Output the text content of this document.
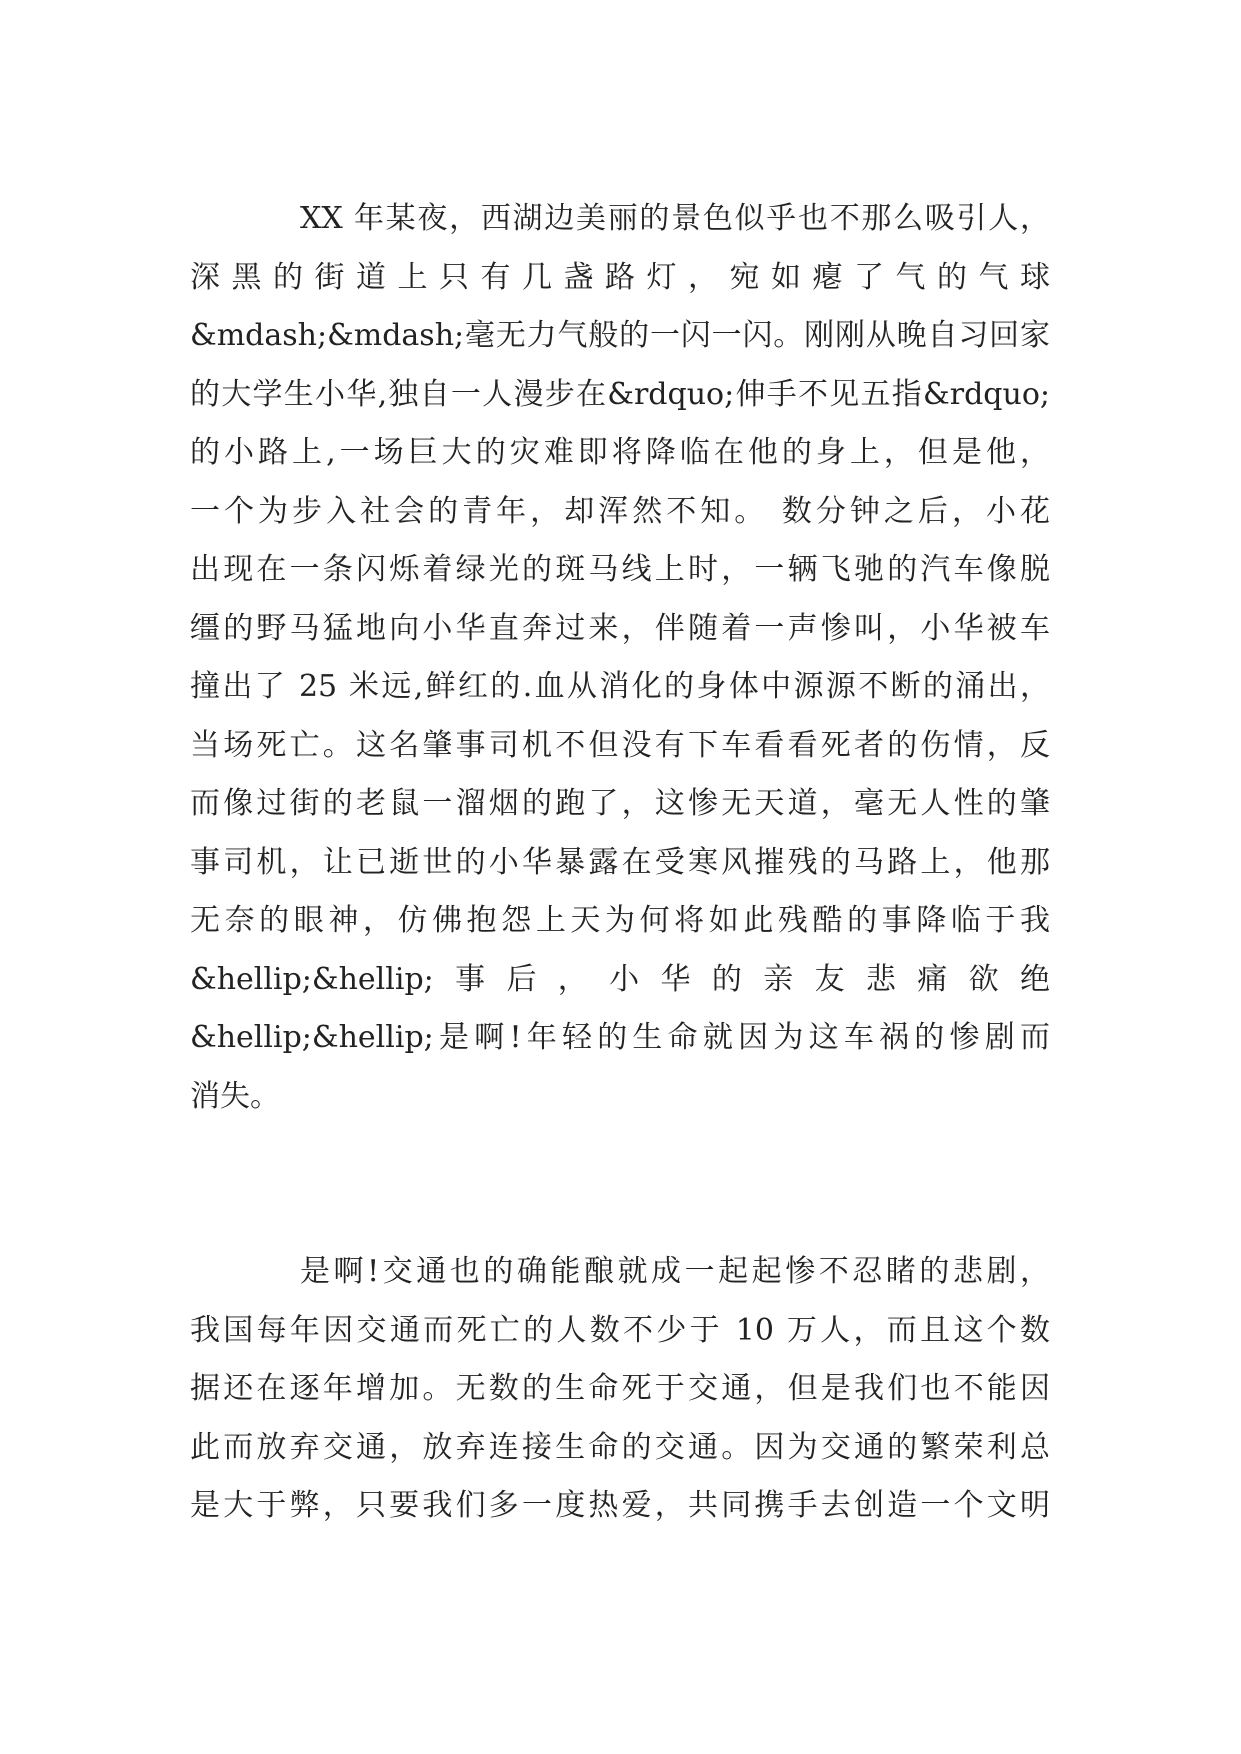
XX 年某夜，西湖边美丽的景色似乎也不那么吸引人，
深黑的街道上只有几盏路灯，宛如瘪了气的气球
&mdash;&mdash;毫无力气般的一闪一闪。刚刚从晚自习回家
的大学生小华,独自一人漫步在&rdquo;伸手不见五指&rdquo;
的小路上,一场巨大的灾难即将降临在他的身上，但是他，
一个为步入社会的青年，却浑然不知。 数分钟之后，小花
出现在一条闪烁着绿光的斑马线上时，一辆飞驰的汽车像脱
缰的野马猛地向小华直奔过来，伴随着一声惨叫，小华被车
撞出了 25 米远,鲜红的.血从消化的身体中源源不断的涌出，
当场死亡。这名肇事司机不但没有下车看看死者的伤情，反
而像过街的老鼠一溜烟的跑了，这惨无天道，毫无人性的肇
事司机，让已逝世的小华暴露在受寒风摧残的马路上，他那
无奈的眼神，仿佛抱怨上天为何将如此残酷的事降临于我
&hellip;&hellip;事后，小华的亲友悲痛欲绝
&hellip;&hellip;是啊!年轻的生命就因为这车祸的惨剧而
消失。
是啊!交通也的确能酿就成一起起惨不忍睹的悲剧，
我国每年因交通而死亡的人数不少于 10 万人，而且这个数
据还在逐年增加。无数的生命死于交通，但是我们也不能因
此而放弃交通，放弃连接生命的交通。因为交通的繁荣利总
是大于弊，只要我们多一度热爱，共同携手去创造一个文明
